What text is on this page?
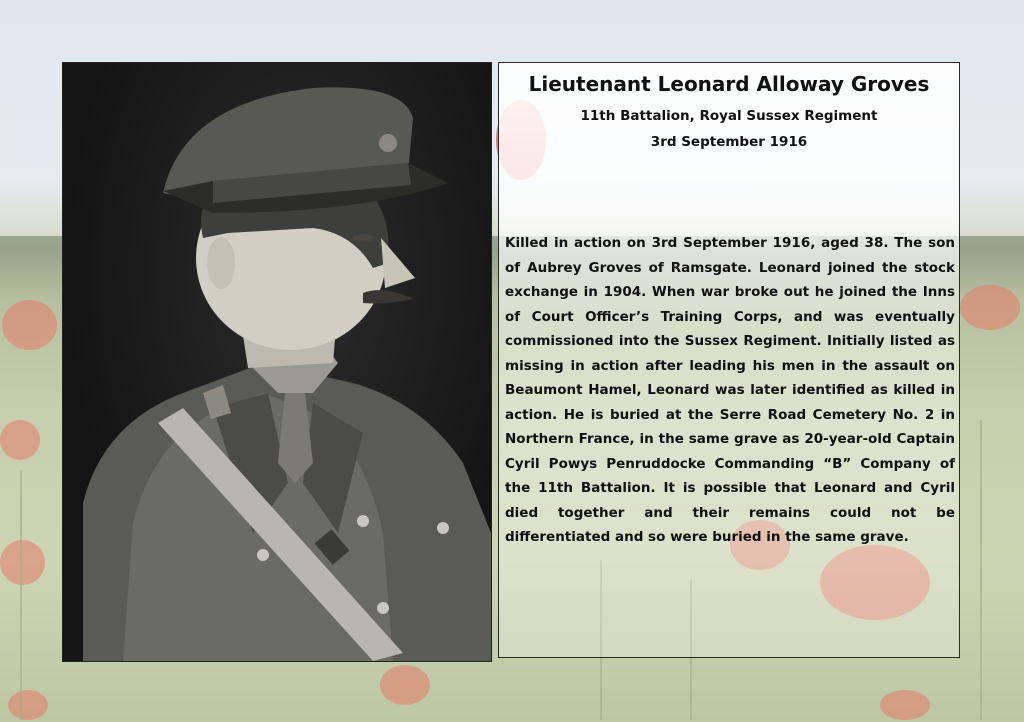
Lieutenant Leonard Alloway Groves
11th Battalion, Royal Sussex Regiment
3rd September 1916
Killed in action on 3rd September 1916, aged 38. The son of Aubrey Groves of Ramsgate. Leonard joined the stock exchange in 1904. When war broke out he joined the Inns of Court Officer’s Training Corps, and was eventually commissioned into the Sussex Regiment. Initially listed as missing in action after leading his men in the assault on Beaumont Hamel, Leonard was later identified as killed in action. He is buried at the Serre Road Cemetery No. 2 in Northern France, in the same grave as 20-year-old Captain Cyril Powys Penruddocke Commanding “B” Company of the 11th Battalion. It is possible that Leonard and Cyril died together and their remains could not be differentiated and so were buried in the same grave.
